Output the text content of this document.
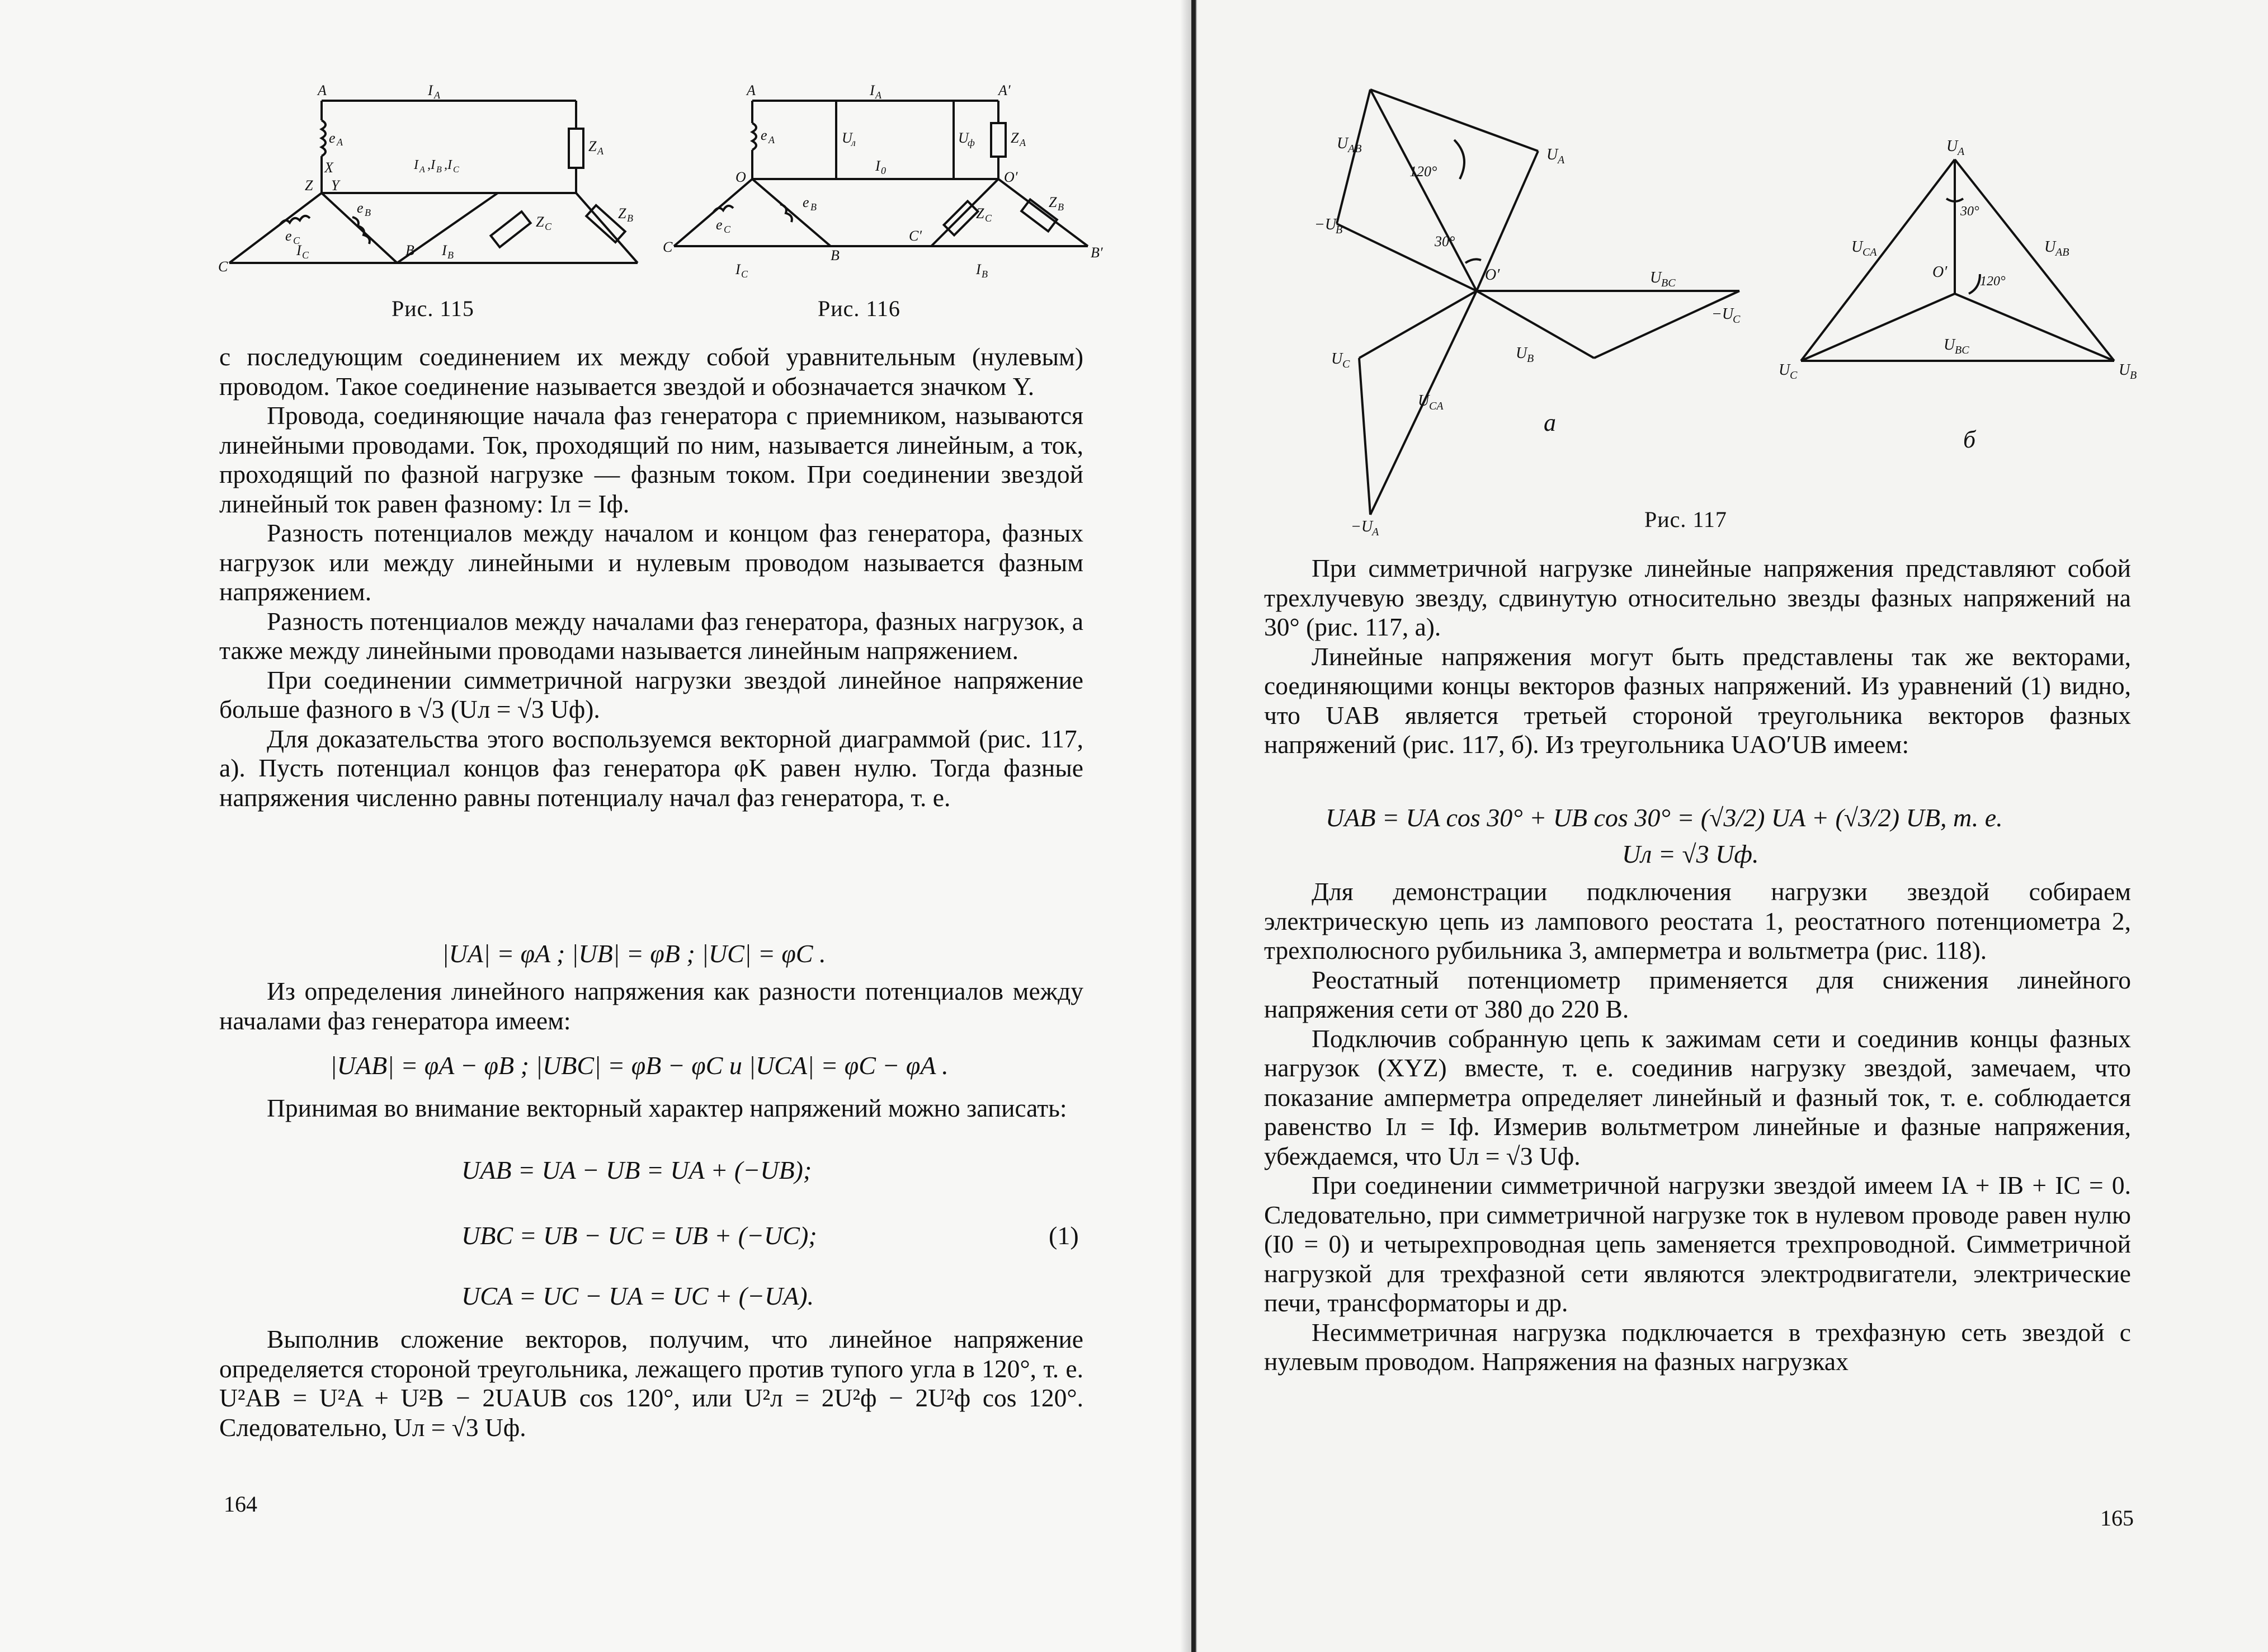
A	I A
e A	Z A
X	I A ,I B ,I C
Z Y
e B
e C
Z C
Z B
C
I C	B I B
Рис. 115
A	I A	A′
e A	U
л	U
ф Z A
O
I 0	O′
e B
e C
Z C
Z B
C
B
C′
B′
I C	I B
Рис. 116

с последующим соединением их между собой уравнительным (нулевым) проводом. Такое соединение называется звездой и обозначается значком Y.

Провода, соединяющие начала фаз генератора с приемником, называются линейными проводами. Ток, проходящий по ним, называется линейным, а ток, проходящий по фазной нагрузке — фазным током. При соединении звездой линейный ток равен фазному: Iл = Iф.

Разность потенциалов между началом и концом фаз генератора, фазных нагрузок или между линейными и нулевым проводом называется фазным напряжением.

Разность потенциалов между началами фаз генератора, фазных нагрузок, а также между линейными проводами называется линейным напряжением.

При соединении симметричной нагрузки звездой линейное напряжение больше фазного в √3 (Uл = √3 Uф).

Для доказательства этого воспользуемся векторной диаграммой (рис. 117, а). Пусть потенциал концов фаз генератора φK равен нулю. Тогда фазные напряжения численно равны потенциалу начал фаз генератора, т. е.

|UA| = φA ; |UB| = φB ; |UC| = φC .

Из определения линейного напряжения как разности потенциалов между началами фаз генератора имеем:

|UAB| = φA − φB ; |UBC| = φB − φC и |UCA| = φC − φA .

Принимая во внимание векторный характер напряжений можно записать:

UAB = UA − UB = UA + (−UB);
UBC = UB − UC = UB + (−UC);
UCA = UC − UA = UC + (−UA).
(1)

Выполнив сложение векторов, получим, что линейное напряжение определяется стороной треугольника, лежащего против тупого угла в 120°, т. е. U²AB = U²A + U²B − 2UAUB cos 120°, или U²л = 2U²ф − 2U²ф cos 120°. Следовательно, Uл = √3 Uф.

164
U AB
120°
U A
−U
B
30°
O′	U BC
−U
C
U B
U C
U CA
−U
A
а
U A
30°
U CA	U AB
O′
120°
U BC
U C	U B
б
Рис. 117

При симметричной нагрузке линейные напряжения представляют собой трехлучевую звезду, сдвинутую относительно звезды фазных напряжений на 30° (рис. 117, а).

Линейные напряжения могут быть представлены так же векторами, соединяющими концы векторов фазных напряжений. Из уравнений (1) видно, что UAB является третьей стороной треугольника векторов фазных напряжений (рис. 117, б). Из треугольника UAO′UB имеем:

UAB = UA cos 30° + UB cos 30° = (√3/2) UA + (√3/2) UB, т. е.
Uл = √3 Uф.

Для демонстрации подключения нагрузки звездой собираем электрическую цепь из лампового реостата 1, реостатного потенциометра 2, трехполюсного рубильника 3, амперметра и вольтметра (рис. 118).

Реостатный потенциометр применяется для снижения линейного напряжения сети от 380 до 220 В.

Подключив собранную цепь к зажимам сети и соединив концы фазных нагрузок (XYZ) вместе, т. е. соединив нагрузку звездой, замечаем, что показание амперметра определяет линейный и фазный ток, т. е. соблюдается равенство Iл = Iф. Измерив вольтметром линейные и фазные напряжения, убеждаемся, что Uл = √3 Uф.

При соединении симметричной нагрузки звездой имеем IA + IB + IC = 0. Следовательно, при симметричной нагрузке ток в нулевом проводе равен нулю (I0 = 0) и четырехпроводная цепь заменяется трехпроводной. Симметричной нагрузкой для трехфазной сети являются электродвигатели, электрические печи, трансформаторы и др.

Несимметричная нагрузка подключается в трехфазную сеть звездой с нулевым проводом. Напряжения на фазных нагрузках

165
